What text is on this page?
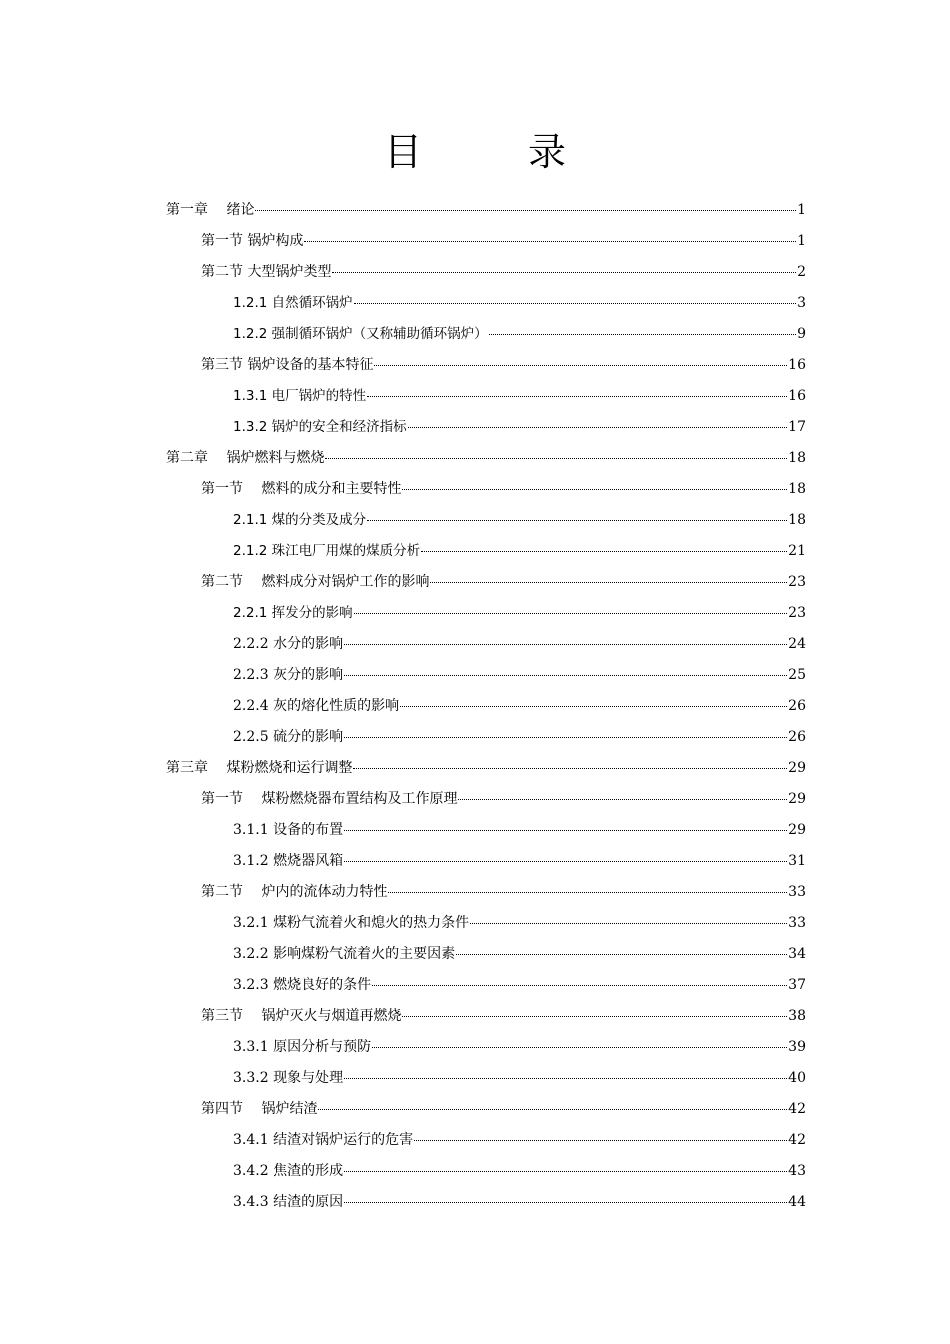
目　录
第一章　 绪论	1
第一节 锅炉构成	1
第二节 大型锅炉类型	2
1.2.1 自然循环锅炉	3
1.2.2 强制循环锅炉（又称辅助循环锅炉）	9
第三节 锅炉设备的基本特征	16
1.3.1 电厂锅炉的特性	16
1.3.2 锅炉的安全和经济指标	17
第二章　 锅炉燃料与燃烧	18
第一节　 燃料的成分和主要特性	18
2.1.1 煤的分类及成分	18
2.1.2 珠江电厂用煤的煤质分析	21
第二节　 燃料成分对锅炉工作的影响	23
2.2.1 挥发分的影响	23
2.2.2 水分的影响	24
2.2.3 灰分的影响	25
2.2.4 灰的熔化性质的影响	26
2.2.5 硫分的影响	26
第三章　 煤粉燃烧和运行调整	29
第一节　 煤粉燃烧器布置结构及工作原理	29
3.1.1 设备的布置	29
3.1.2 燃烧器风箱	31
第二节　 炉内的流体动力特性	33
3.2.1 煤粉气流着火和熄火的热力条件	33
3.2.2 影响煤粉气流着火的主要因素	34
3.2.3 燃烧良好的条件	37
第三节　 锅炉灭火与烟道再燃烧	38
3.3.1 原因分析与预防	39
3.3.2 现象与处理	40
第四节　 锅炉结渣	42
3.4.1 结渣对锅炉运行的危害	42
3.4.2 焦渣的形成	43
3.4.3 结渣的原因	44
